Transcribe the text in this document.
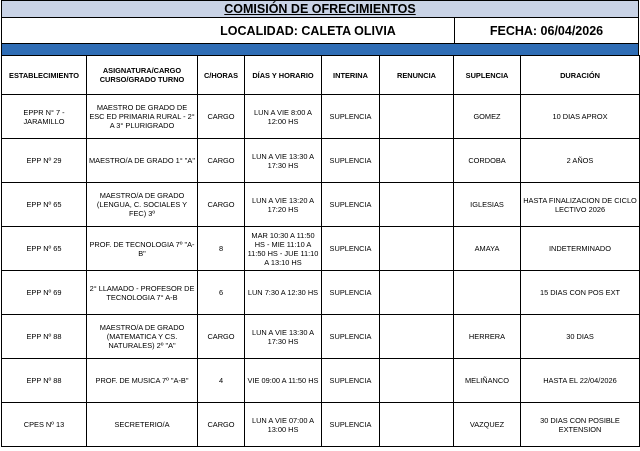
COMISIÓN DE OFRECIMIENTOS
LOCALIDAD: CALETA OLIVIA	FECHA: 06/04/2026
ESTABLECIMIENTO	ASIGNATURA/CARGO CURSO/GRADO TURNO	C/HORAS	DÍAS Y HORARIO	INTERINA	RENUNCIA	SUPLENCIA	DURACIÓN
EPPR N° 7 - JARAMILLO	MAESTRO DE GRADO DE ESC ED PRIMARIA RURAL - 2° A 3° PLURIGRADO	CARGO	LUN A VIE 8:00 A 12:00 HS	SUPLENCIA		GOMEZ	10 DIAS APROX
EPP Nº 29	MAESTRO/A DE GRADO 1° "A"	CARGO	LUN A VIE 13:30 A 17:30 HS	SUPLENCIA		CORDOBA	2 AÑOS
EPP Nº 65	MAESTRO/A DE GRADO (LENGUA, C. SOCIALES Y FEC) 3º	CARGO	LUN A VIE 13:20 A 17:20 HS	SUPLENCIA		IGLESIAS	HASTA FINALIZACION DE CICLO LECTIVO 2026
EPP Nº 65	PROF. DE TECNOLOGIA 7º "A-B"	8	MAR 10:30 A 11:50 HS - MIE 11:10 A 11:50 HS - JUE 11:10 A 13:10 HS	SUPLENCIA		AMAYA	INDETERMINADO
EPP Nº 69	2° LLAMADO - PROFESOR DE TECNOLOGIA 7° A-B	6	LUN 7:30 A 12:30 HS	SUPLENCIA			15 DIAS CON POS EXT
EPP Nº 88	MAESTRO/A DE GRADO (MATEMATICA Y CS. NATURALES) 2º "A"	CARGO	LUN A VIE 13:30 A 17:30 HS	SUPLENCIA		HERRERA	30 DIAS
EPP Nº 88	PROF. DE MUSICA 7º "A-B"	4	VIE 09:00 A 11:50 HS	SUPLENCIA		MELIÑANCO	HASTA EL 22/04/2026
CPES Nº 13	SECRETERIO/A	CARGO	LUN A VIE 07:00 A 13:00 HS	SUPLENCIA		VAZQUEZ	30 DIAS CON POSIBLE EXTENSION
